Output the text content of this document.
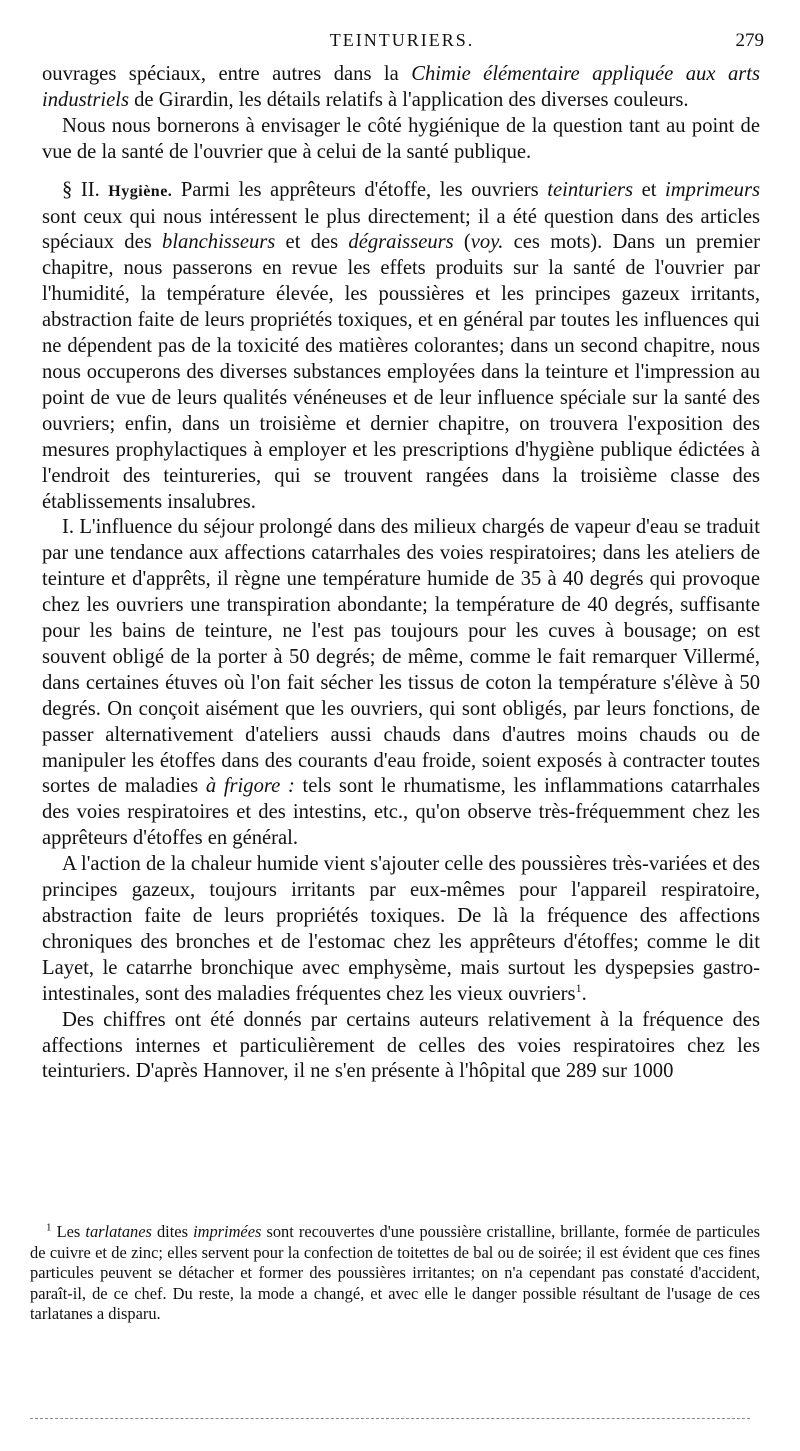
TEINTURIERS.	279

ouvrages spéciaux, entre autres dans la Chimie élémentaire appliquée aux arts industriels de Girardin, les détails relatifs à l'application des diverses couleurs.

Nous nous bornerons à envisager le côté hygiénique de la question tant au point de vue de la santé de l'ouvrier que à celui de la santé publique.

§ II. Hygiène. Parmi les apprêteurs d'étoffe, les ouvriers teinturiers et imprimeurs sont ceux qui nous intéressent le plus directement; il a été question dans des articles spéciaux des blanchisseurs et des dégraisseurs (voy. ces mots). Dans un premier chapitre, nous passerons en revue les effets produits sur la santé de l'ouvrier par l'humidité, la température élevée, les poussières et les principes gazeux irritants, abstraction faite de leurs propriétés toxiques, et en général par toutes les influences qui ne dépendent pas de la toxicité des matières colorantes; dans un second chapitre, nous nous occuperons des diverses substances employées dans la teinture et l'impression au point de vue de leurs qualités vénéneuses et de leur influence spéciale sur la santé des ouvriers; enfin, dans un troisième et dernier chapitre, on trouvera l'exposition des mesures prophylactiques à employer et les prescriptions d'hygiène publique édictées à l'endroit des teintureries, qui se trouvent rangées dans la troisième classe des établissements insalubres.

I. L'influence du séjour prolongé dans des milieux chargés de vapeur d'eau se traduit par une tendance aux affections catarrhales des voies respiratoires; dans les ateliers de teinture et d'apprêts, il règne une température humide de 35 à 40 degrés qui provoque chez les ouvriers une transpiration abondante; la température de 40 degrés, suffisante pour les bains de teinture, ne l'est pas toujours pour les cuves à bousage; on est souvent obligé de la porter à 50 degrés; de même, comme le fait remarquer Villermé, dans certaines étuves où l'on fait sécher les tissus de coton la température s'élève à 50 degrés. On conçoit aisément que les ouvriers, qui sont obligés, par leurs fonctions, de passer alternativement d'ateliers aussi chauds dans d'autres moins chauds ou de manipuler les étoffes dans des courants d'eau froide, soient exposés à contracter toutes sortes de maladies à frigore : tels sont le rhumatisme, les inflammations catarrhales des voies respiratoires et des intestins, etc., qu'on observe très-fréquemment chez les apprêteurs d'étoffes en général.

A l'action de la chaleur humide vient s'ajouter celle des poussières très-variées et des principes gazeux, toujours irritants par eux-mêmes pour l'appareil respiratoire, abstraction faite de leurs propriétés toxiques. De là la fréquence des affections chroniques des bronches et de l'estomac chez les apprêteurs d'étoffes; comme le dit Layet, le catarrhe bronchique avec emphysème, mais surtout les dyspepsies gastro-intestinales, sont des maladies fréquentes chez les vieux ouvriers$^1$.

Des chiffres ont été donnés par certains auteurs relativement à la fréquence des affections internes et particulièrement de celles des voies respiratoires chez les teinturiers. D'après Hannover, il ne s'en présente à l'hôpital que 289 sur 1000

$^1$ Les tarlatanes dites imprimées sont recouvertes d'une poussière cristalline, brillante, formée de particules de cuivre et de zinc; elles servent pour la confection de toitettes de bal ou de soirée; il est évident que ces fines particules peuvent se détacher et former des poussières irritantes; on n'a cependant pas constaté d'accident, paraît-il, de ce chef. Du reste, la mode a changé, et avec elle le danger possible résultant de l'usage de ces tarlatanes a disparu.
